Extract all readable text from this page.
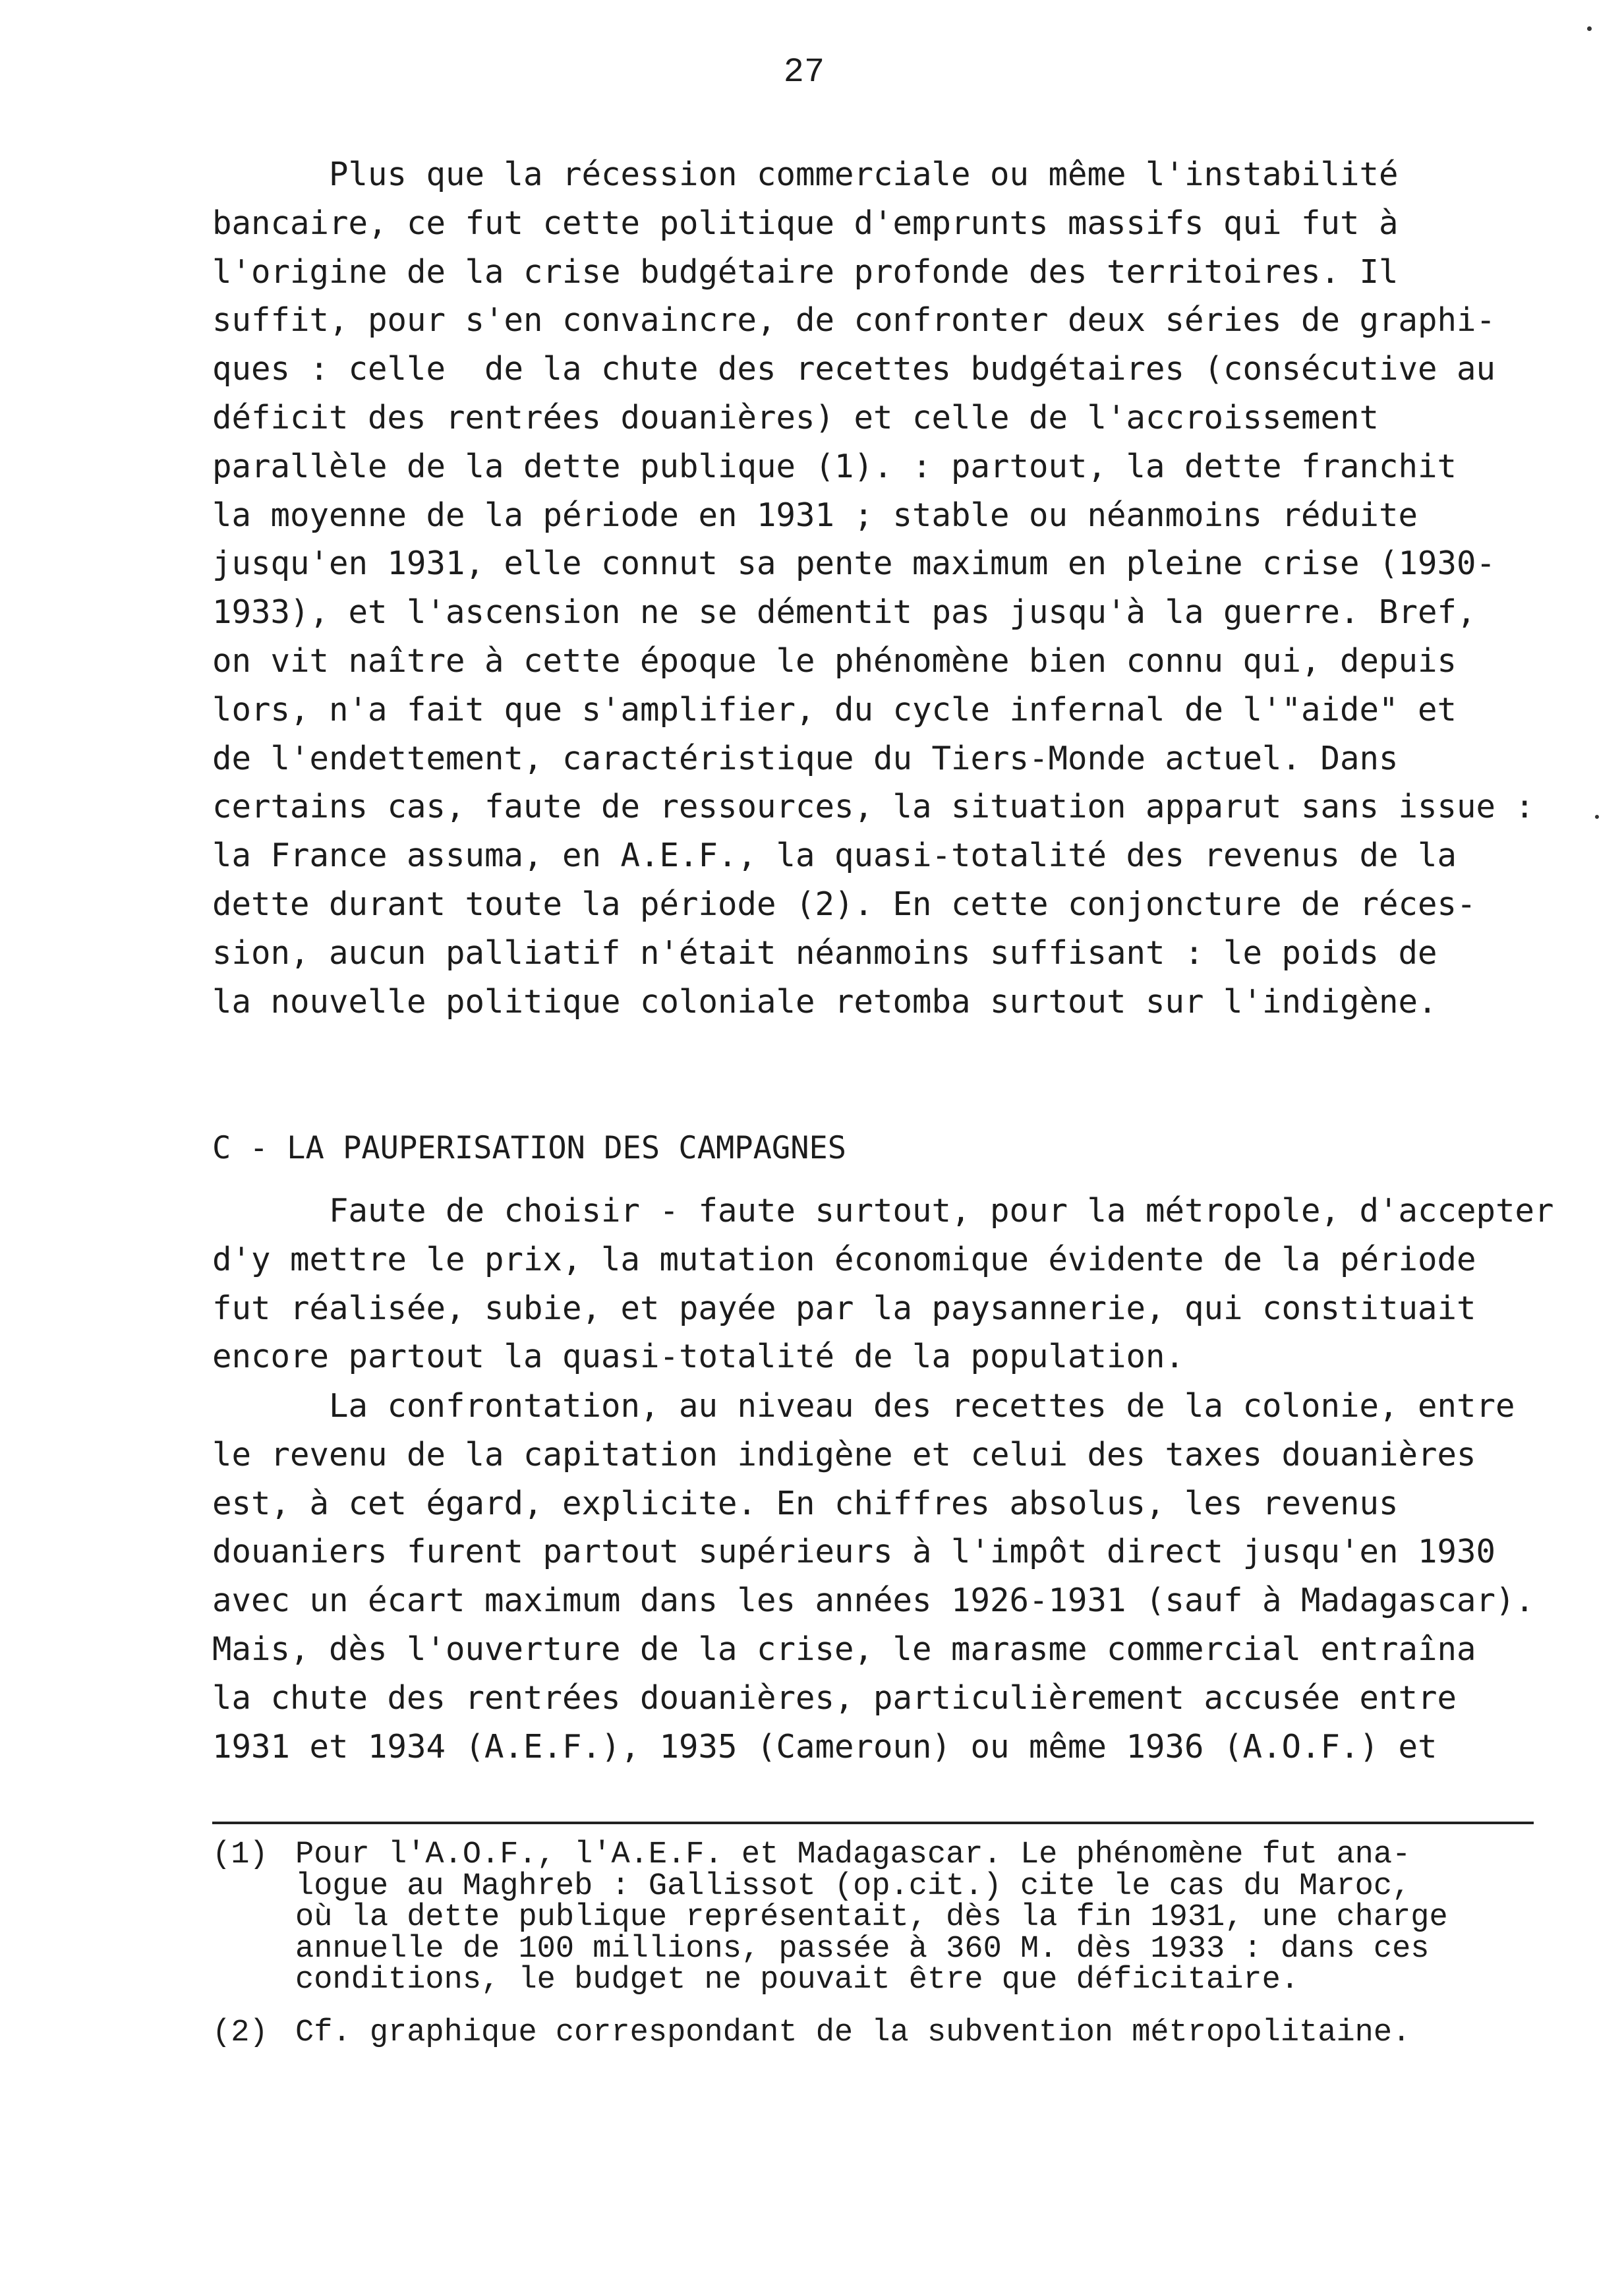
27
Plus que la récession commerciale ou même l'instabilité
bancaire, ce fut cette politique d'emprunts massifs qui fut à
l'origine de la crise budgétaire profonde des territoires. Il
suffit, pour s'en convaincre, de confronter deux séries de graphi-
ques : celle  de la chute des recettes budgétaires (consécutive au
déficit des rentrées douanières) et celle de l'accroissement
parallèle de la dette publique (1). : partout, la dette franchit
la moyenne de la période en 1931 ; stable ou néanmoins réduite
jusqu'en 1931, elle connut sa pente maximum en pleine crise (1930-
1933), et l'ascension ne se démentit pas jusqu'à la guerre. Bref,
on vit naître à cette époque le phénomène bien connu qui, depuis
lors, n'a fait que s'amplifier, du cycle infernal de l'"aide" et
de l'endettement, caractéristique du Tiers-Monde actuel. Dans
certains cas, faute de ressources, la situation apparut sans issue :
la France assuma, en A.E.F., la quasi-totalité des revenus de la
dette durant toute la période (2). En cette conjoncture de réces-
sion, aucun palliatif n'était néanmoins suffisant : le poids de
la nouvelle politique coloniale retomba surtout sur l'indigène.
C - LA PAUPERISATION DES CAMPAGNES
Faute de choisir - faute surtout, pour la métropole, d'accepter
d'y mettre le prix, la mutation économique évidente de la période
fut réalisée, subie, et payée par la paysannerie, qui constituait
encore partout la quasi-totalité de la population.
La confrontation, au niveau des recettes de la colonie, entre
le revenu de la capitation indigène et celui des taxes douanières
est, à cet égard, explicite. En chiffres absolus, les revenus
douaniers furent partout supérieurs à l'impôt direct jusqu'en 1930
avec un écart maximum dans les années 1926-1931 (sauf à Madagascar).
Mais, dès l'ouverture de la crise, le marasme commercial entraîna
la chute des rentrées douanières, particulièrement accusée entre
1931 et 1934 (A.E.F.), 1935 (Cameroun) ou même 1936 (A.O.F.) et
(1) Pour l'A.O.F., l'A.E.F. et Madagascar. Le phénomène fut ana-
logue au Maghreb : Gallissot (op.cit.) cite le cas du Maroc,
où la dette publique représentait, dès la fin 1931, une charge
annuelle de 100 millions, passée à 360 M. dès 1933 : dans ces
conditions, le budget ne pouvait être que déficitaire.
(2) Cf. graphique correspondant de la subvention métropolitaine.
